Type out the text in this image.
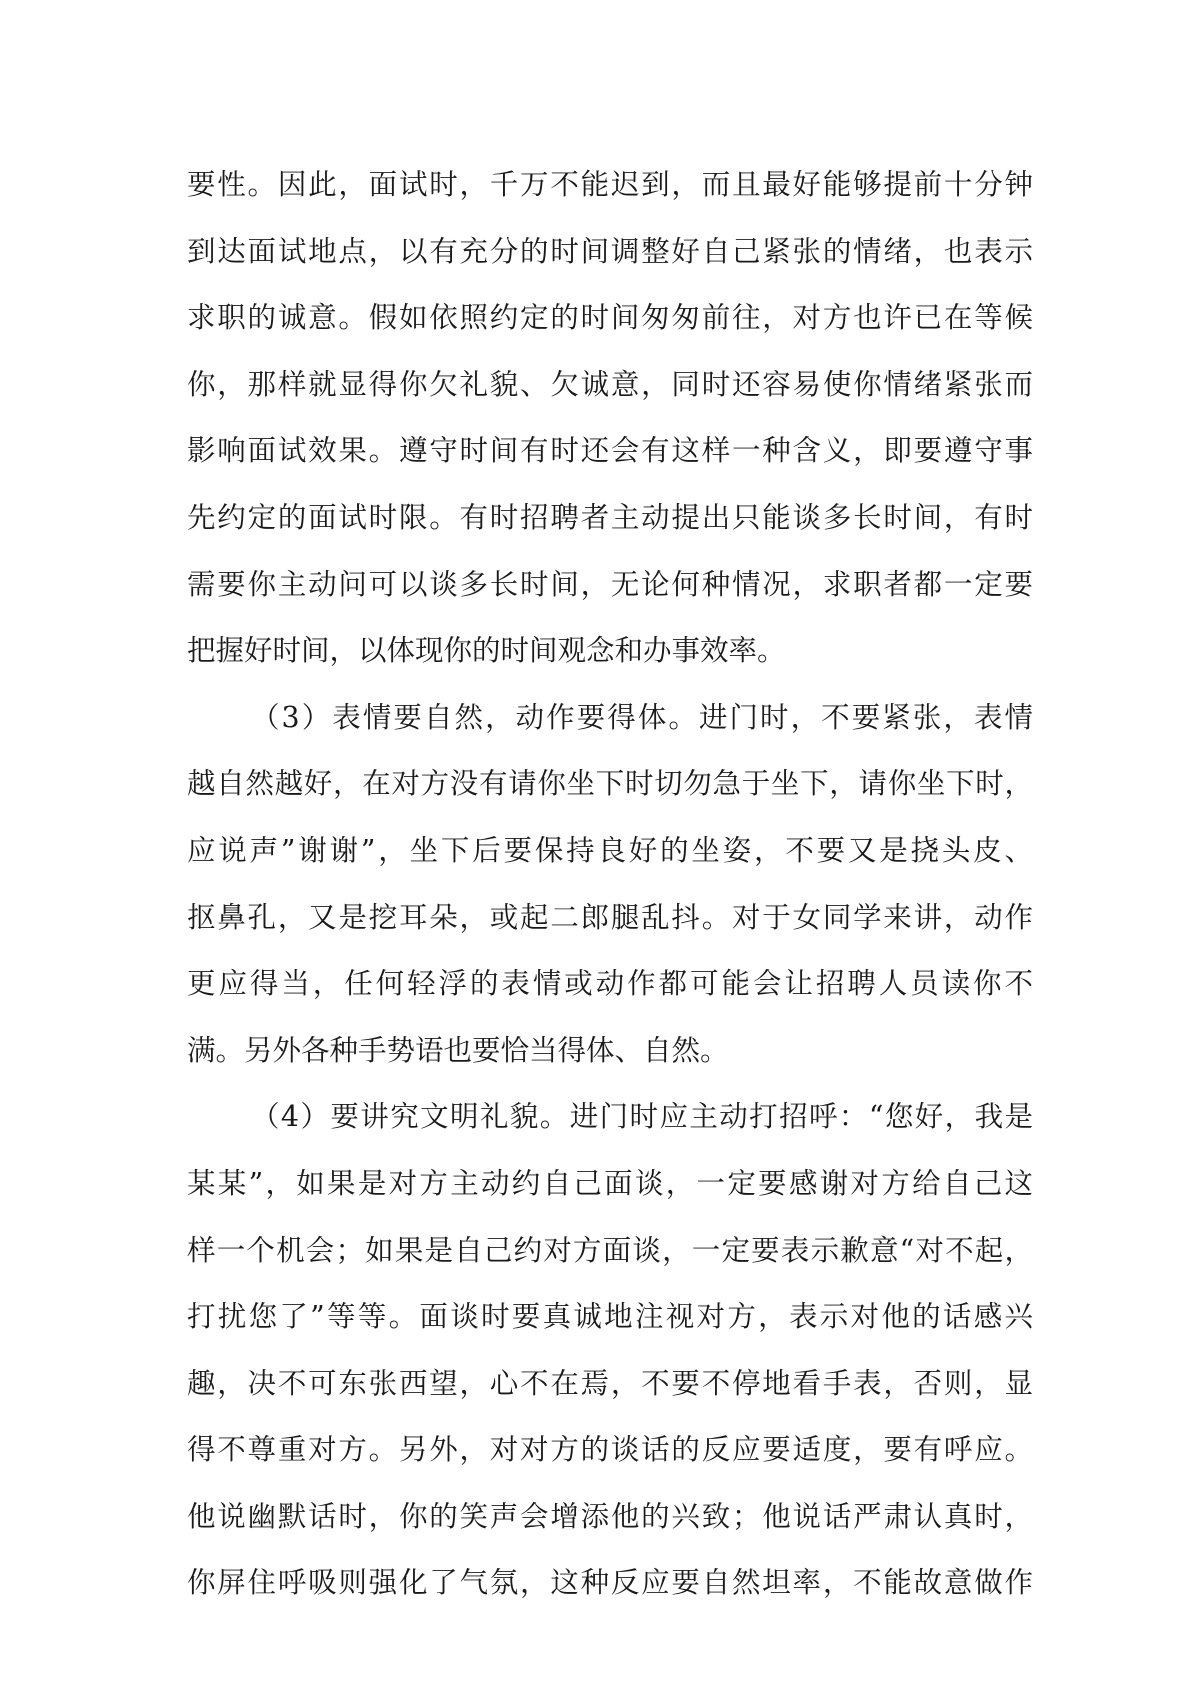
要性。因此，面试时，千万不能迟到，而且最好能够提前十分钟
到达面试地点，以有充分的时间调整好自己紧张的情绪，也表示
求职的诚意。假如依照约定的时间匆匆前往，对方也许已在等候
你，那样就显得你欠礼貌、欠诚意，同时还容易使你情绪紧张而
影响面试效果。遵守时间有时还会有这样一种含义，即要遵守事
先约定的面试时限。有时招聘者主动提出只能谈多长时间，有时
需要你主动问可以谈多长时间，无论何种情况，求职者都一定要
把握好时间，以体现你的时间观念和办事效率。
（3）表情要自然，动作要得体。进门时，不要紧张，表情
越自然越好，在对方没有请你坐下时切勿急于坐下，请你坐下时，
应说声”谢谢”，坐下后要保持良好的坐姿，不要又是挠头皮、
抠鼻孔，又是挖耳朵，或起二郎腿乱抖。对于女同学来讲，动作
更应得当，任何轻浮的表情或动作都可能会让招聘人员读你不
满。另外各种手势语也要恰当得体、自然。
（4）要讲究文明礼貌。进门时应主动打招呼：“您好，我是
某某”，如果是对方主动约自己面谈，一定要感谢对方给自己这
样一个机会；如果是自己约对方面谈，一定要表示歉意“对不起，
打扰您了”等等。面谈时要真诚地注视对方，表示对他的话感兴
趣，决不可东张西望，心不在焉，不要不停地看手表，否则，显
得不尊重对方。另外，对对方的谈话的反应要适度，要有呼应。
他说幽默话时，你的笑声会增添他的兴致；他说话严肃认真时，
你屏住呼吸则强化了气氛，这种反应要自然坦率，不能故意做作
